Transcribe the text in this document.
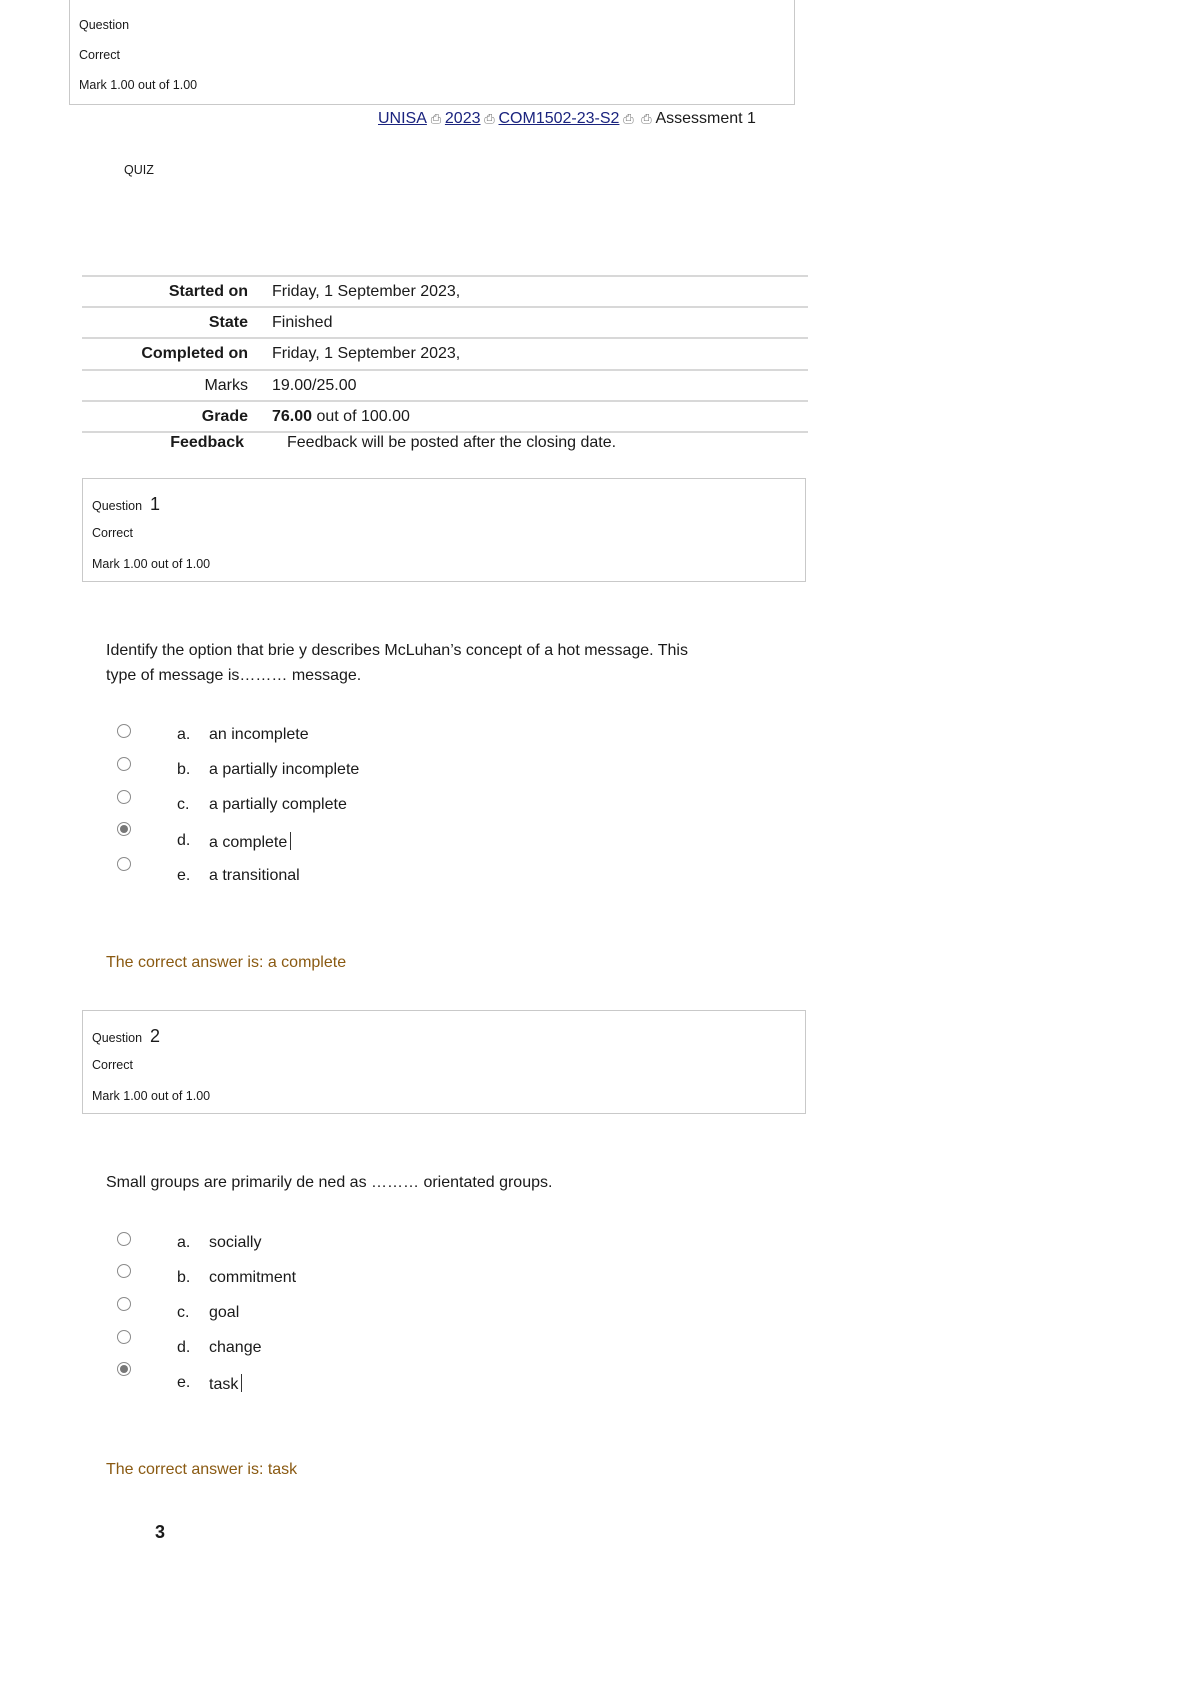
Question
Correct
Mark 1.00 out of 1.00
UNISA ⎙ 2023 ⎙ COM1502-23-S2 ⎙ ⎙ Assessment 1
QUIZ
Started on Friday, 1 September 2023,
State Finished
Completed on Friday, 1 September 2023,
Marks 19.00/25.00
Grade 76.00 out of 100.00
Feedback	Feedback will be posted after the closing date.
Question 1
Correct
Mark 1.00 out of 1.00
Identify the option that brie y describes McLuhan’s concept of a hot message. This
type of message is……… message.
a. an incomplete
b. a partially incomplete
c. a partially complete
d. a complete
e. a transitional
The correct answer is: a complete
Question 2
Correct
Mark 1.00 out of 1.00
Small groups are primarily de ned as ……… orientated groups.
a. socially
b. commitment
c. goal
d. change
e. task
The correct answer is: task
3
